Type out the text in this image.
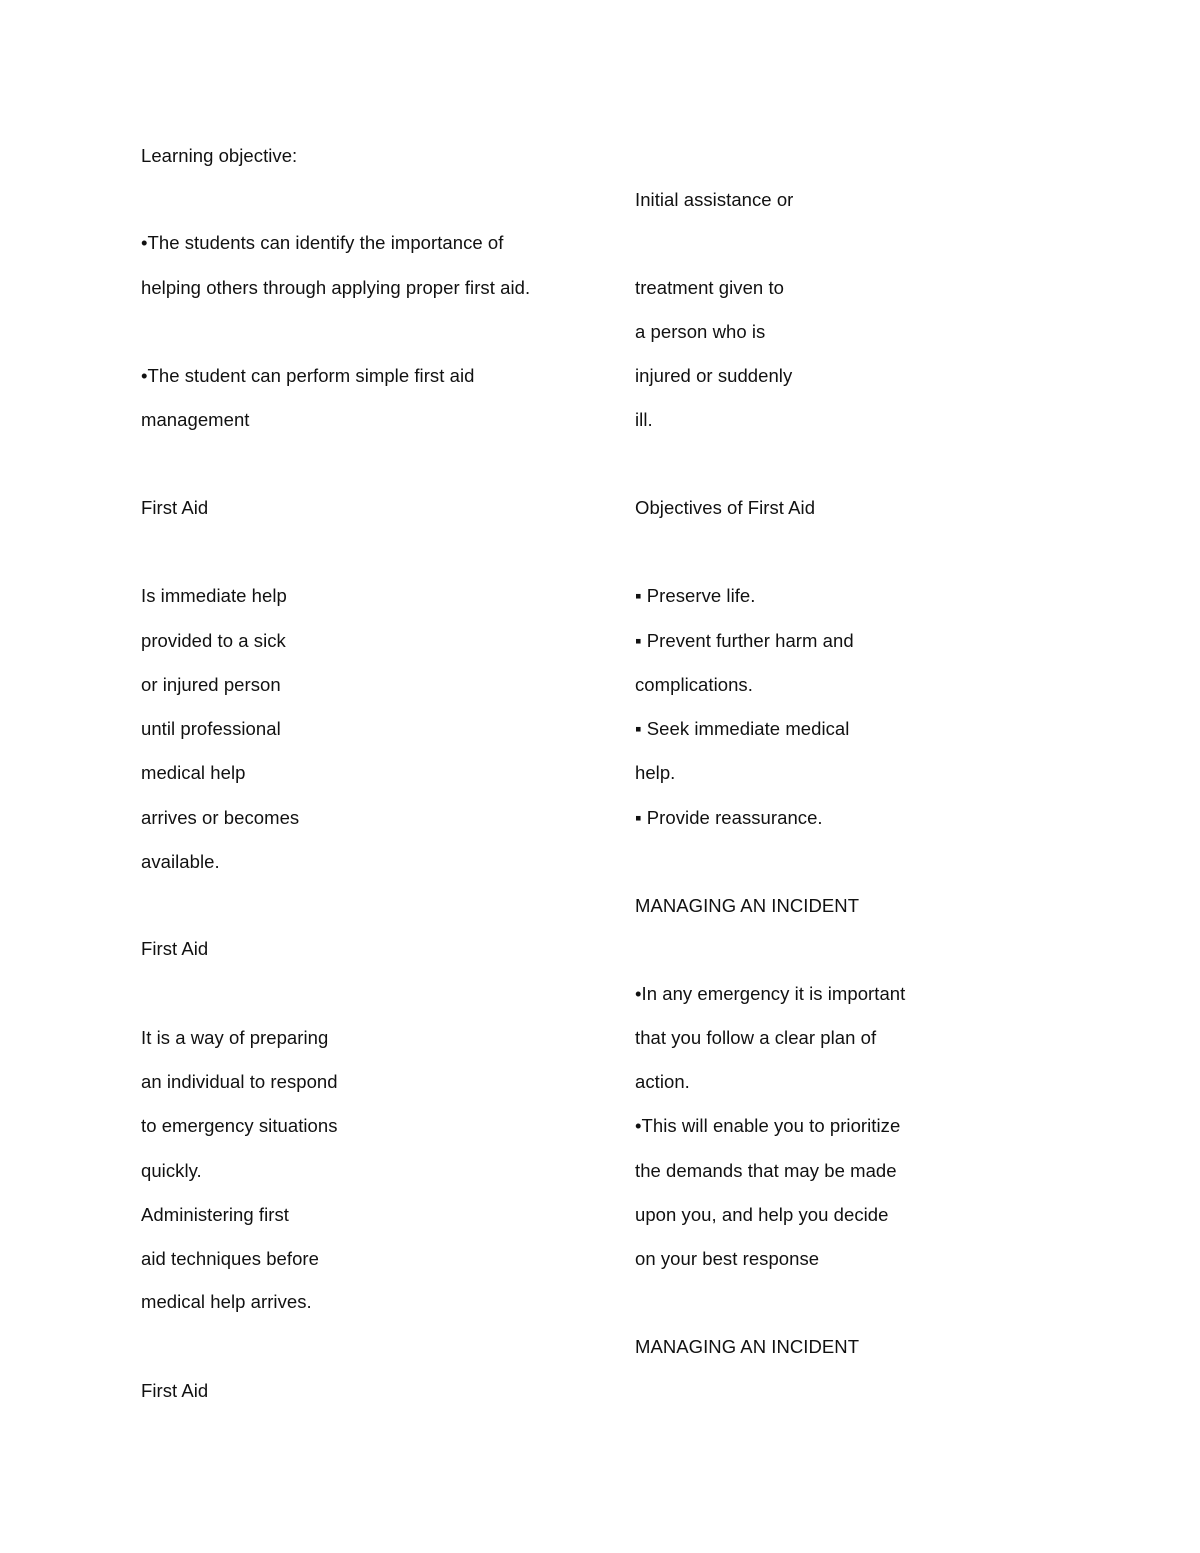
Learning objective:
•The students can identify the importance of
helping others through applying proper first aid.
•The student can perform simple first aid
management
First Aid
Is immediate help
provided to a sick
or injured person
until professional
medical help
arrives or becomes
available.
First Aid
It is a way of preparing
an individual to respond
to emergency situations
quickly.
Administering first
aid techniques before
medical help arrives.
First Aid
Initial assistance or
treatment given to
a person who is
injured or suddenly
ill.
Objectives of First Aid
▪ Preserve life.
▪ Prevent further harm and
complications.
▪ Seek immediate medical
help.
▪ Provide reassurance.
MANAGING AN INCIDENT
•In any emergency it is important
that you follow a clear plan of
action.
•This will enable you to prioritize
the demands that may be made
upon you, and help you decide
on your best response
MANAGING AN INCIDENT
